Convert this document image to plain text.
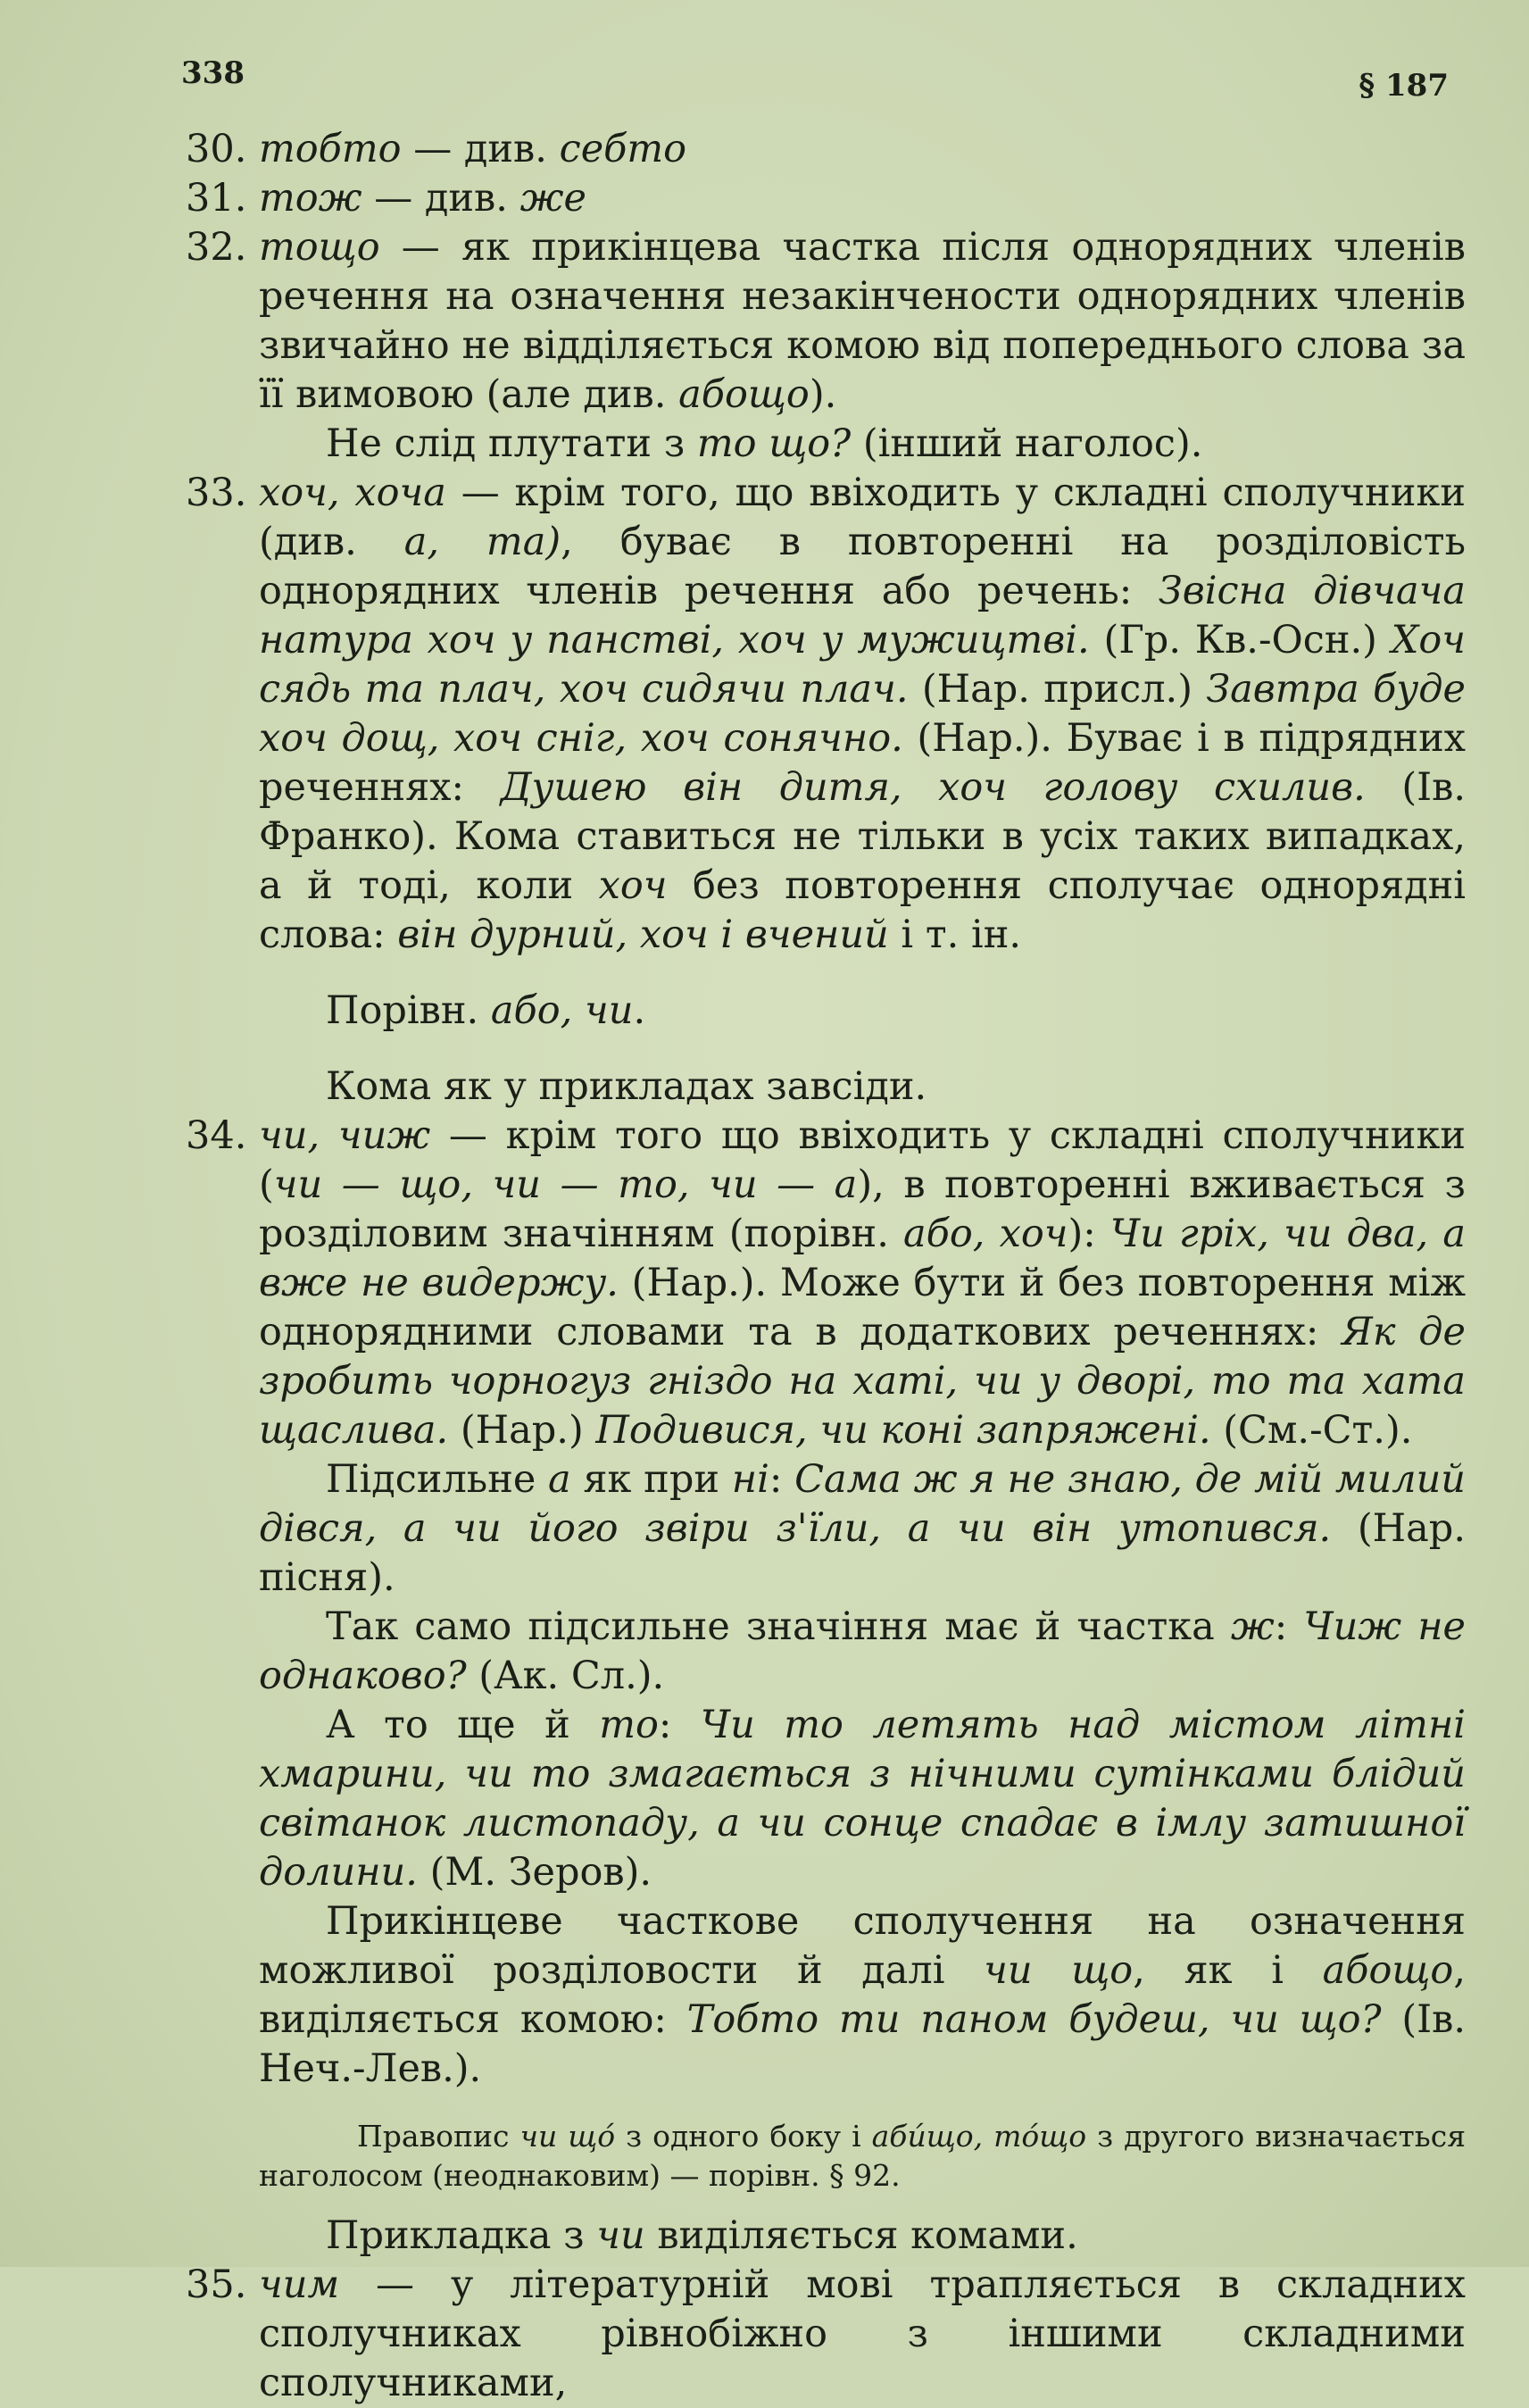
338	§ 187
30. тобто — див. себто
31. тож — див. же
32. тощо — як прикінцева частка після однорядних членів речення на означення незакінчености однорядних членів звичайно не відділяється комою від попереднього слова за її вимовою (але див. абощо).
Не слід плутати з то що? (інший наголос).
33. хоч, хоча — крім того, що ввіходить у складні сполучники (див. а, та), буває в повторенні на розділовість однорядних членів речення або речень: Звісна дівчача натура хоч у панстві, хоч у мужицтві. (Гр. Кв.-Осн.) Хоч сядь та плач, хоч сидячи плач. (Нар. присл.) Завтра буде хоч дощ, хоч сніг, хоч сонячно. (Нар.). Буває і в підрядних реченнях: Душею він дитя, хоч голову схилив. (Ів. Франко). Кома ставиться не тільки в усіх таких випадках, а й тоді, коли хоч без повторення сполучає однорядні слова: він дурний, хоч і вчений і т. ін.
Порівн. або, чи.
Кома як у прикладах завсіди.
34. чи, чиж — крім того що ввіходить у складні сполучники (чи — що, чи — то, чи — а), в повторенні вживається з розділовим значінням (порівн. або, хоч): Чи гріх, чи два, а вже не видержу. (Нар.). Може бути й без повторення між однорядними словами та в додаткових реченнях: Як де зробить чорногуз гніздо на хаті, чи у дворі, то та хата щаслива. (Нар.) Подивися, чи коні запряжені. (См.-Ст.).
Підсильне а як при ні: Сама ж я не знаю, де мій милий дівся, а чи його звіри з'їли, а чи він утопився. (Нар. пісня).
Так само підсильне значіння має й частка ж: Чиж не однаково? (Ак. Сл.).
А то ще й то: Чи то летять над містом літні хмарини, чи то змагається з нічними сутінками блідий світанок листопаду, а чи сонце спадає в імлу затишної долини. (М. Зеров).
Прикінцеве часткове сполучення на означення можливої розділовости й далі чи що, як і абощо, виділяється комою: Тобто ти паном будеш, чи що? (Ів. Неч.-Лев.).
Правопис чи щó з одного боку і абúщо, тóщо з другого визначається наголосом (неоднаковим) — порівн. § 92.
Прикладка з чи виділяється комами.
35. чим — у літературній мові трапляється в складних сполучниках рівнобіжно з іншими складними сполучниками,
